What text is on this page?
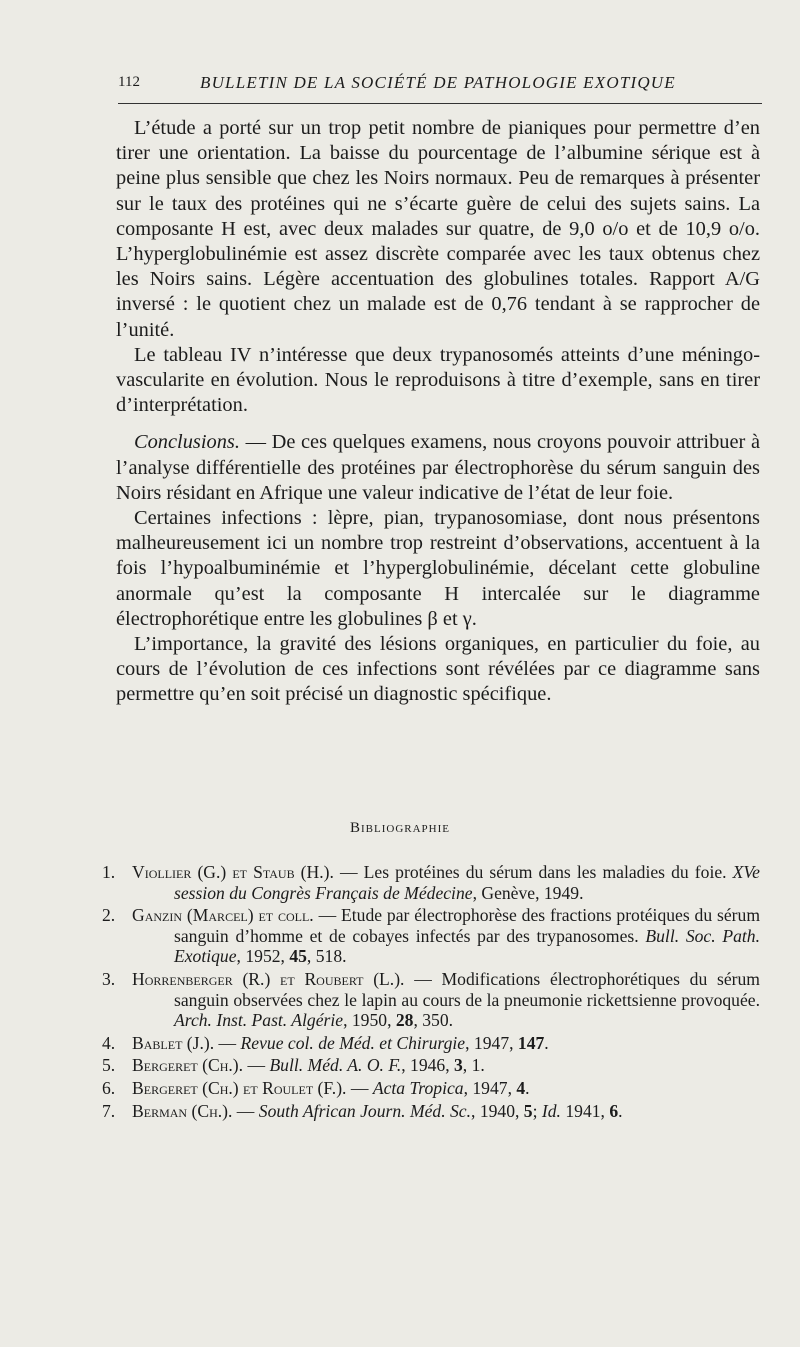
112	BULLETIN DE LA SOCIÉTÉ DE PATHOLOGIE EXOTIQUE

L’étude a porté sur un trop petit nombre de pianiques pour permettre d’en tirer une orientation. La baisse du pourcentage de l’albumine sérique est à peine plus sensible que chez les Noirs normaux. Peu de remarques à présenter sur le taux des protéines qui ne s’écarte guère de celui des sujets sains. La composante H est, avec deux malades sur quatre, de 9,0 o/o et de 10,9 o/o. L’hyperglobulinémie est assez discrète comparée avec les taux obtenus chez les Noirs sains. Légère accentuation des globulines totales. Rapport A/G inversé : le quotient chez un malade est de 0,76 tendant à se rapprocher de l’unité.

Le tableau IV n’intéresse que deux trypanosomés atteints d’une méningo-vascularite en évolution. Nous le reproduisons à titre d’exemple, sans en tirer d’interprétation.

Conclusions. — De ces quelques examens, nous croyons pouvoir attribuer à l’analyse différentielle des protéines par électrophorèse du sérum sanguin des Noirs résidant en Afrique une valeur indicative de l’état de leur foie.

Certaines infections : lèpre, pian, trypanosomiase, dont nous présentons malheureusement ici un nombre trop restreint d’observations, accentuent à la fois l’hypoalbuminémie et l’hyperglobulinémie, décelant cette globuline anormale qu’est la composante H intercalée sur le diagramme électrophorétique entre les globulines β et γ.

L’importance, la gravité des lésions organiques, en particulier du foie, au cours de l’évolution de ces infections sont révélées par ce diagramme sans permettre qu’en soit précisé un diagnostic spécifique.

Bibliographie
1. Viollier (G.) et Staub (H.). — Les protéines du sérum dans les maladies du foie. XVe session du Congrès Français de Médecine, Genève, 1949.
2. Ganzin (Marcel) et coll. — Etude par électrophorèse des fractions protéiques du sérum sanguin d’homme et de cobayes infectés par des trypanosomes. Bull. Soc. Path. Exotique, 1952, 45, 518.
3. Horrenberger (R.) et Roubert (L.). — Modifications électrophorétiques du sérum sanguin observées chez le lapin au cours de la pneumonie rickettsienne provoquée. Arch. Inst. Past. Algérie, 1950, 28, 350.
4. Bablet (J.). — Revue col. de Méd. et Chirurgie, 1947, 147.
5. Bergeret (Ch.). — Bull. Méd. A. O. F., 1946, 3, 1.
6. Bergeret (Ch.) et Roulet (F.). — Acta Tropica, 1947, 4.
7. Berman (Ch.). — South African Journ. Méd. Sc., 1940, 5; Id. 1941, 6.
